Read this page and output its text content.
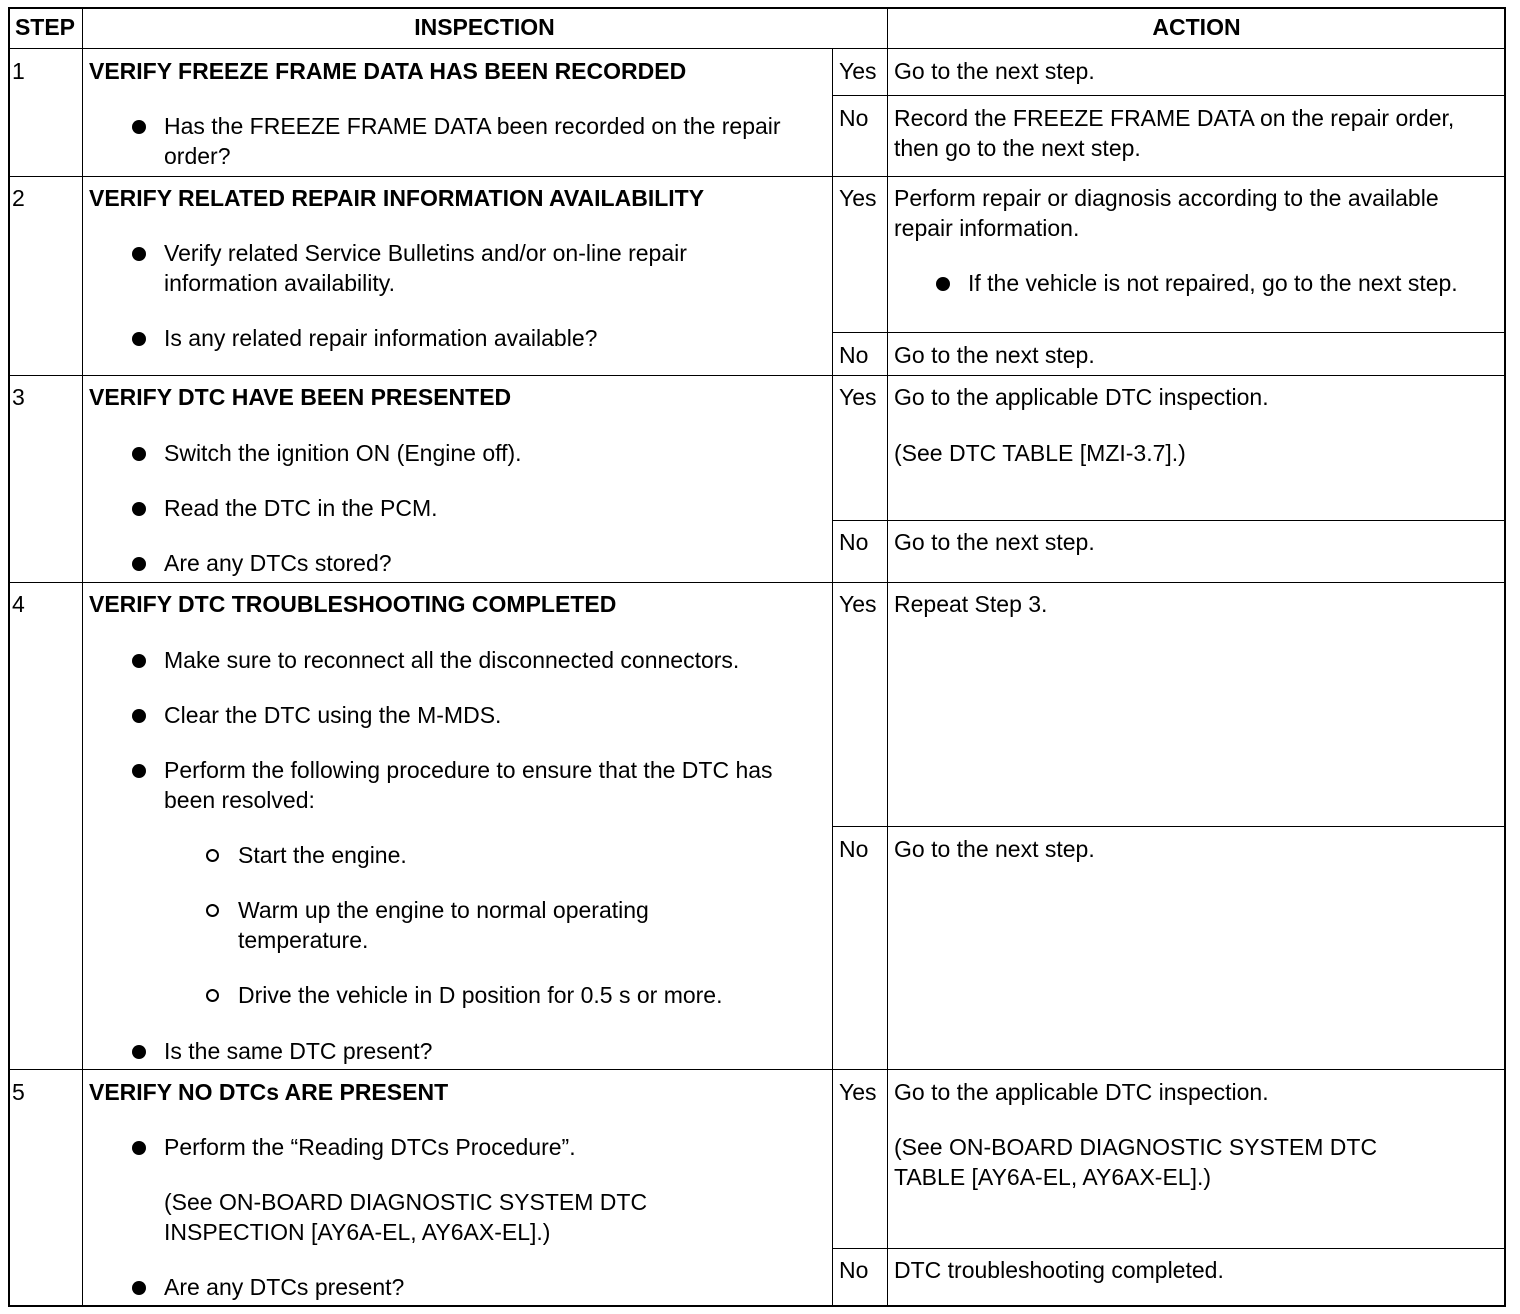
STEP	INSPECTION	ACTION
1	VERIFY FREEZE FRAME DATA HAS BEEN RECORDED
Has the FREEZE FRAME DATA been recorded on the repair order?
Yes Go to the next step.
No Record the FREEZE FRAME DATA on the repair order, then go to the next step.
2	VERIFY RELATED REPAIR INFORMATION AVAILABILITY
Verify related Service Bulletins and/or on-line repair information availability.
Is any related repair information available?
Yes Perform repair or diagnosis according to the available repair information.
If the vehicle is not repaired, go to the next step.
No Go to the next step.
3	VERIFY DTC HAVE BEEN PRESENTED
Switch the ignition ON (Engine off).
Read the DTC in the PCM.
Are any DTCs stored?
Yes Go to the applicable DTC inspection.
(See DTC TABLE [MZI-3.7].)
No Go to the next step.
4	VERIFY DTC TROUBLESHOOTING COMPLETED
Make sure to reconnect all the disconnected connectors.
Clear the DTC using the M-MDS.
Perform the following procedure to ensure that the DTC has been resolved:
Start the engine.
Warm up the engine to normal operating temperature.
Drive the vehicle in D position for 0.5 s or more.
Is the same DTC present?
Yes Repeat Step 3.
No Go to the next step.
5	VERIFY NO DTCs ARE PRESENT
Perform the “Reading DTCs Procedure”.
(See ON-BOARD DIAGNOSTIC SYSTEM DTC INSPECTION [AY6A-EL, AY6AX-EL].)
Are any DTCs present?
Yes Go to the applicable DTC inspection.
(See ON-BOARD DIAGNOSTIC SYSTEM DTC TABLE [AY6A-EL, AY6AX-EL].)
No DTC troubleshooting completed.
